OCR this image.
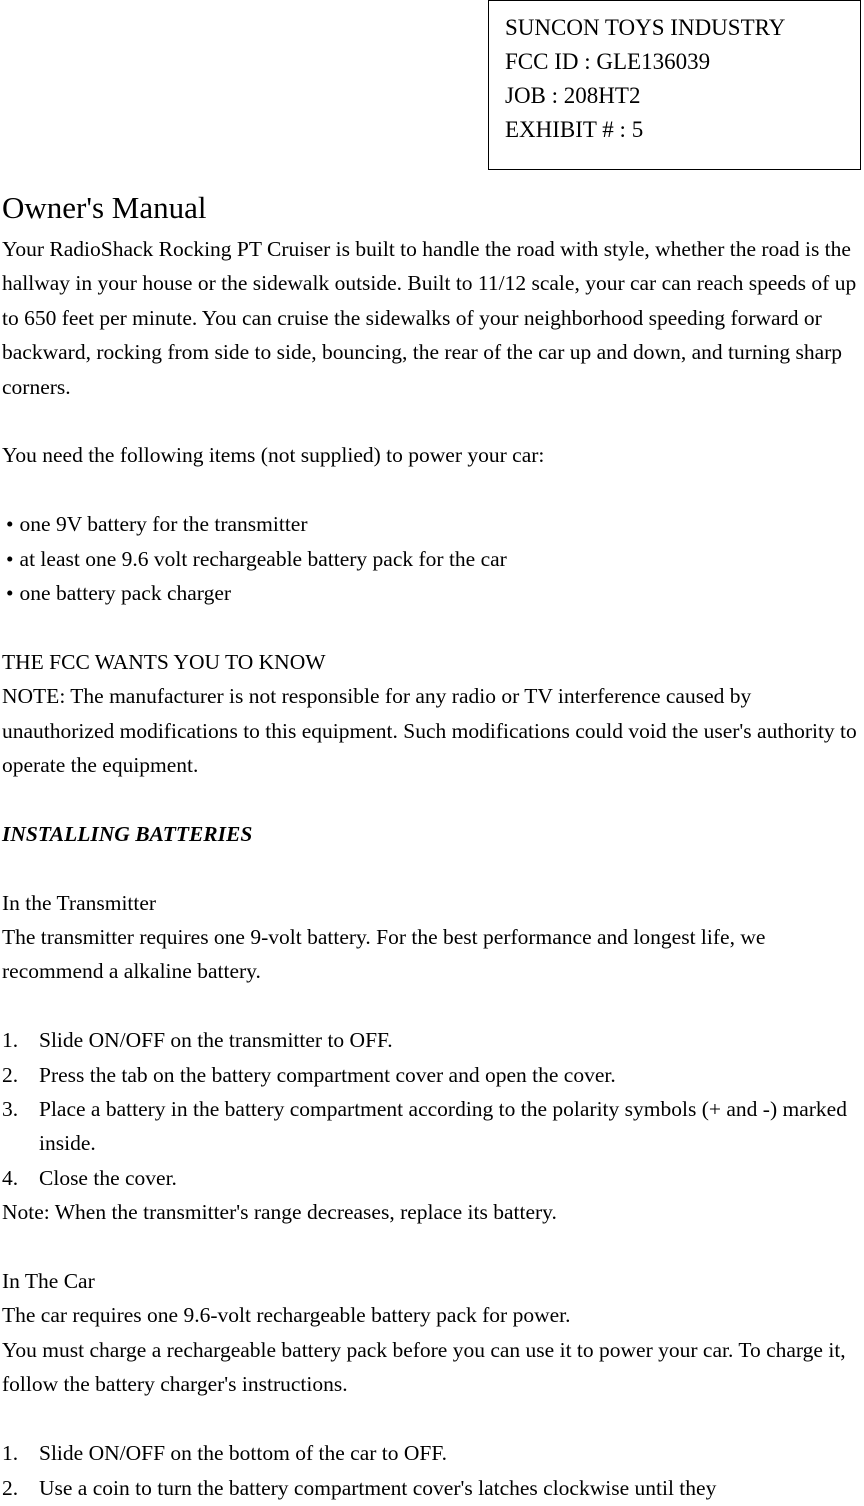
SUNCON TOYS INDUSTRY
FCC ID : GLE136039
JOB : 208HT2
EXHIBIT # : 5
Owner's Manual

Your RadioShack Rocking PT Cruiser is built to handle the road with style, whether the road is the hallway in your house or the sidewalk outside. Built to 11/12 scale, your car can reach speeds of up to 650 feet per minute. You can cruise the sidewalks of your neighborhood speeding forward or backward, rocking from side to side, bouncing, the rear of the car up and down, and turning sharp corners.

You need the following items (not supplied) to power your car:

• one 9V battery for the transmitter
• at least one 9.6 volt rechargeable battery pack for the car
• one battery pack charger

THE FCC WANTS YOU TO KNOW

NOTE: The manufacturer is not responsible for any radio or TV interference caused by unauthorized modifications to this equipment. Such modifications could void the user's authority to operate the equipment.

INSTALLING BATTERIES

In the Transmitter

The transmitter requires one 9-volt battery. For the best performance and longest life, we recommend a alkaline battery.

1. Slide ON/OFF on the transmitter to OFF.
2. Press the tab on the battery compartment cover and open the cover.
3. Place a battery in the battery compartment according to the polarity symbols (+ and -) marked inside.
4. Close the cover.

Note: When the transmitter's range decreases, replace its battery.

In The Car

The car requires one 9.6-volt rechargeable battery pack for power.

You must charge a rechargeable battery pack before you can use it to power your car. To charge it, follow the battery charger's instructions.

1. Slide ON/OFF on the bottom of the car to OFF.
2. Use a coin to turn the battery compartment cover's latches clockwise until they
